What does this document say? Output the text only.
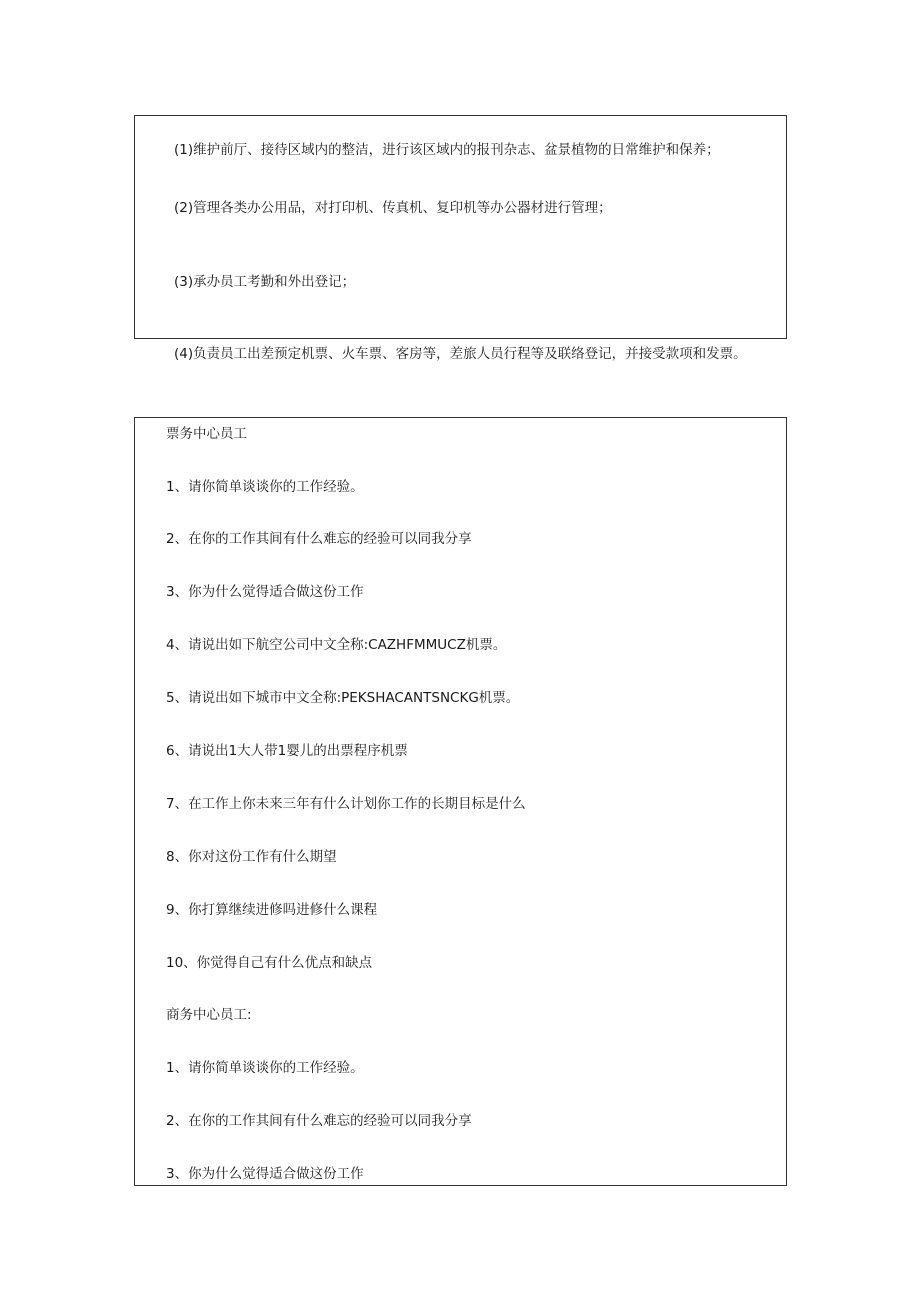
(1)维护前厅、接待区域内的整洁，进行该区域内的报刊杂志、盆景植物的日常维护和保养；
(2)管理各类办公用品，对打印机、传真机、复印机等办公器材进行管理；
(3)承办员工考勤和外出登记；
(4)负责员工出差预定机票、火车票、客房等，差旅人员行程等及联络登记，并接受款项和发票。
票务中心员工
1、请你简单谈谈你的工作经验。
2、在你的工作其间有什么难忘的经验可以同我分享
3、你为什么觉得适合做这份工作
4、请说出如下航空公司中文全称:CAZHFMMUCZ机票。
5、请说出如下城市中文全称:PEKSHACANTSNCKG机票。
6、请说出1大人带1婴儿的出票程序机票
7、在工作上你未来三年有什么计划你工作的长期目标是什么
8、你对这份工作有什么期望
9、你打算继续进修吗进修什么课程
10、你觉得自己有什么优点和缺点
商务中心员工:
1、请你简单谈谈你的工作经验。
2、在你的工作其间有什么难忘的经验可以同我分享
3、你为什么觉得适合做这份工作
